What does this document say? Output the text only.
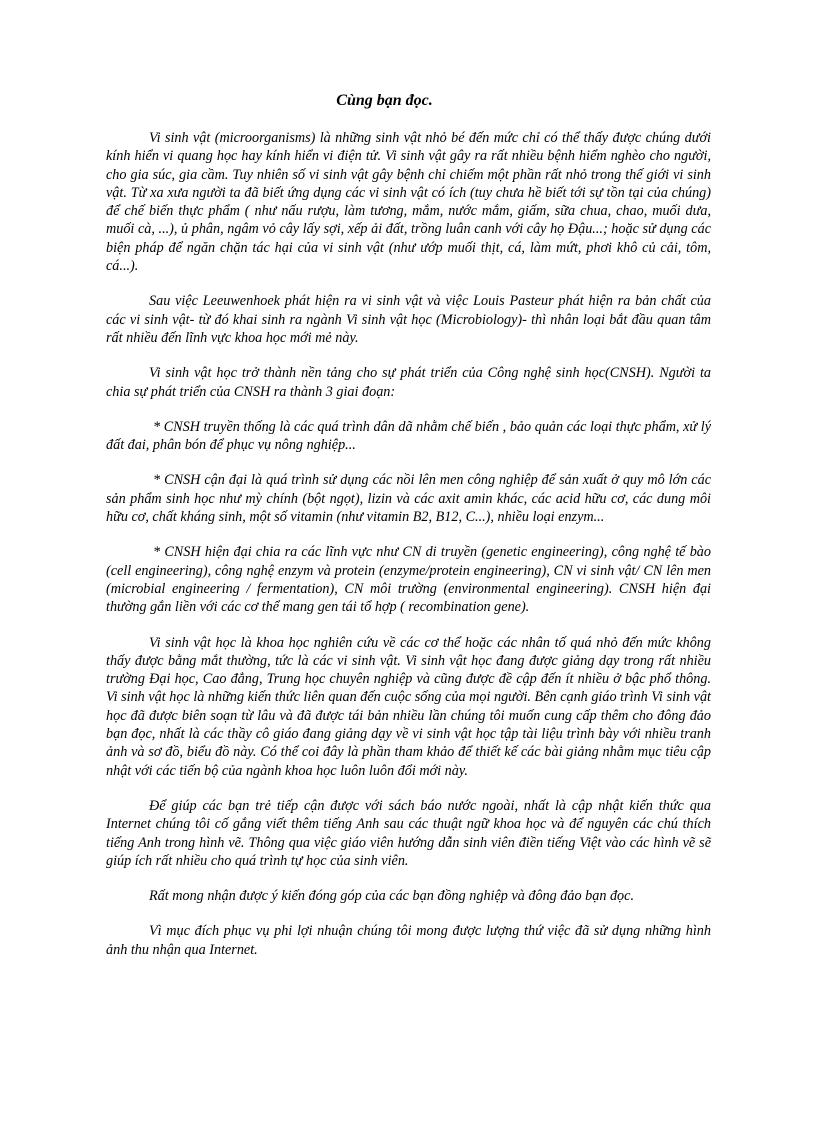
Cùng bạn đọc.

Vi sinh vật (microorganisms) là những sinh vật nhỏ bé đến mức chỉ có thể thấy được chúng dưới kính hiển vi quang học hay kính hiển vi điện tử. Vi sinh vật gây ra rất nhiều bệnh hiểm nghèo cho người, cho gia súc, gia cầm. Tuy nhiên số vi sinh vật gây bệnh chỉ chiếm một phần rất nhỏ trong thế giới vi sinh vật. Từ xa xưa người ta đã biết ứng dụng các vi sinh vật có ích (tuy chưa hề biết tới sự tồn tại của chúng) để chế biến thực phẩm ( như nấu rượu, làm tương, mắm, nước mắm, giấm, sữa chua, chao, muối dưa, muối cà, ...), ủ phân, ngâm vỏ cây lấy sợi, xếp ải đất, trồng luân canh với cây họ Đậu...; hoặc sử dụng các biện pháp để ngăn chặn tác hại của vi sinh vật (như ướp muối thịt, cá, làm mứt, phơi khô củ cải, tôm, cá...).

Sau việc Leeuwenhoek phát hiện ra vi sinh vật và việc Louis Pasteur phát hiện ra bản chất của các vi sinh vật- từ đó khai sinh ra ngành Vi sinh vật học (Microbiology)- thì nhân loại bắt đầu quan tâm rất nhiều đến lĩnh vực khoa học mới mẻ này.

Vi sinh vật học trở thành nền tảng cho sự phát triển của Công nghệ sinh học(CNSH). Người ta chia sự phát triển của CNSH ra thành 3 giai đoạn:

* CNSH truyền thống là các quá trình dân dã nhằm chế biến , bảo quản các loại thực phẩm, xử lý đất đai, phân bón để phục vụ nông nghiệp...

* CNSH cận đại là quá trình sử dụng các nồi lên men công nghiệp để sản xuất ở quy mô lớn các sản phẩm sinh học như mỳ chính (bột ngọt), lizin và các axit amin khác, các acid hữu cơ, các dung môi hữu cơ, chất kháng sinh, một số vitamin (như vitamin B2, B12, C...), nhiều loại enzym...

* CNSH hiện đại chia ra các lĩnh vực như CN di truyền (genetic engineering), công nghệ tế bào (cell engineering), công nghệ enzym và protein (enzyme/protein engineering), CN vi sinh vật/ CN lên men (microbial engineering / fermentation), CN môi trường (environmental engineering). CNSH hiện đại thường gắn liền với các cơ thể mang gen tái tổ hợp ( recombination gene).

Vi sinh vật học là khoa học nghiên cứu về các cơ thể hoặc các nhân tố quá nhỏ đến mức không thấy được bằng mắt thường, tức là các vi sinh vật. Vi sinh vật học đang được giảng dạy trong rất nhiều trường Đại học, Cao đẳng, Trung học chuyên nghiệp và cũng được đề cập đến ít nhiều ở bậc phổ thông. Vi sinh vật học là những kiến thức liên quan đến cuộc sống của mọi người. Bên cạnh giáo trình Vi sinh vật học đã được biên soạn từ lâu và đã được tái bản nhiều lần chúng tôi muốn cung cấp thêm cho đông đảo bạn đọc, nhất là các thầy cô giáo đang giảng dạy về vi sinh vật học tập tài liệu trình bày với nhiều tranh ảnh và sơ đồ, biểu đồ này. Có thể coi đây là phần tham khảo để thiết kế các bài giảng nhằm mục tiêu cập nhật với các tiến bộ của ngành khoa học luôn luôn đổi mới này.

Để giúp các bạn trẻ tiếp cận được với sách báo nước ngoài, nhất là cập nhật kiến thức qua Internet chúng tôi cố gắng viết thêm tiếng Anh sau các thuật ngữ khoa học và để nguyên các chú thích tiếng Anh trong hình vẽ. Thông qua việc giáo viên hướng dẫn sinh viên điền tiếng Việt vào các hình vẽ sẽ giúp ích rất nhiều cho quá trình tự học của sinh viên.

Rất mong nhận được ý kiến đóng góp của các bạn đồng nghiệp và đông đảo bạn đọc.

Vì mục đích phục vụ phi lợi nhuận chúng tôi mong được lượng thứ việc đã sử dụng những hình ảnh thu nhận qua Internet.
